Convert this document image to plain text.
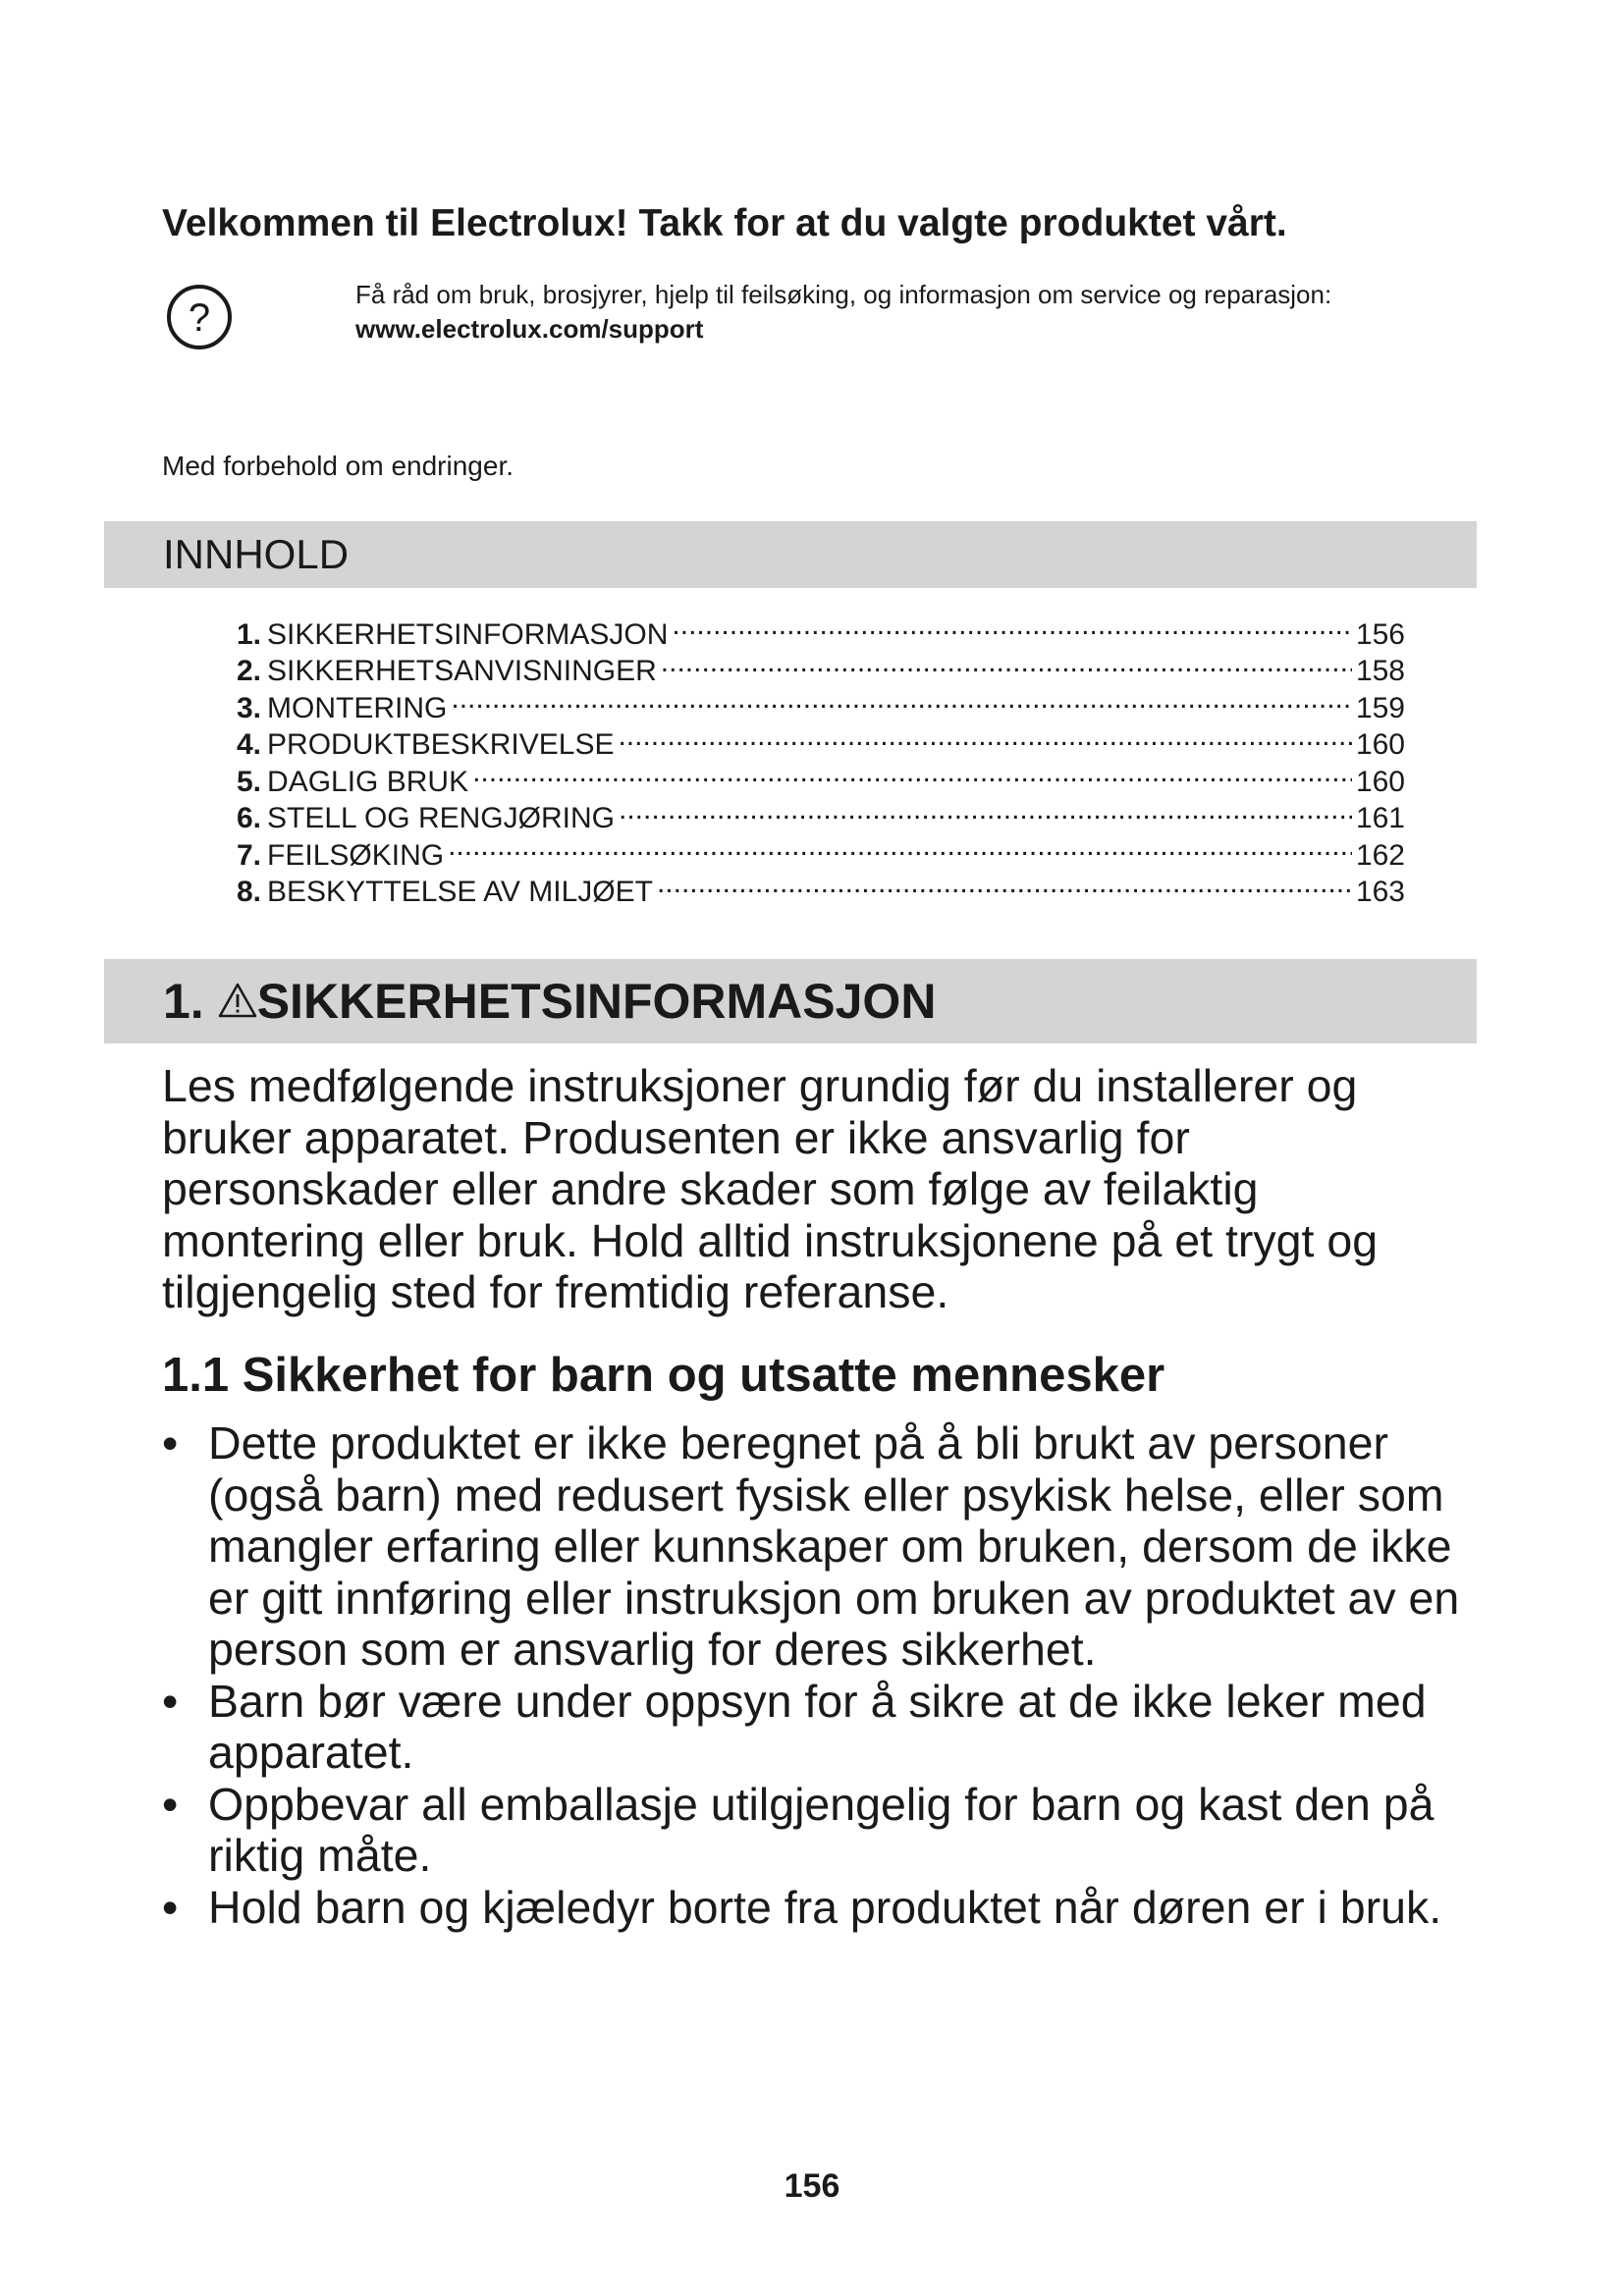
Velkommen til Electrolux! Takk for at du valgte produktet vårt.
?
Få råd om bruk, brosjyrer, hjelp til feilsøking, og informasjon om service og reparasjon:
www.electrolux.com/support

Med forbehold om endringer.

INNHOLD
1. SIKKERHETSINFORMASJON .....	156
2. SIKKERHETSANVISNINGER .....	158
3. MONTERING .....	159
4. PRODUKTBESKRIVELSE .....	160
5. DAGLIG BRUK .....	160
6. STELL OG RENGJØRING .....	161
7. FEILSØKING .....	162
8. BESKYTTELSE AV MILJØET .....	163
1. SIKKERHETSINFORMASJON

Les medfølgende instruksjoner grundig før du installerer og bruker apparatet. Produsenten er ikke ansvarlig for personskader eller andre skader som følge av feilaktig montering eller bruk. Hold alltid instruksjonene på et trygt og tilgjengelig sted for fremtidig referanse.

1.1 Sikkerhet for barn og utsatte mennesker
• Dette produktet er ikke beregnet på å bli brukt av personer (også barn) med redusert fysisk eller psykisk helse, eller som mangler erfaring eller kunnskaper om bruken, dersom de ikke er gitt innføring eller instruksjon om bruken av produktet av en person som er ansvarlig for deres sikkerhet.
• Barn bør være under oppsyn for å sikre at de ikke leker med apparatet.
• Oppbevar all emballasje utilgjengelig for barn og kast den på riktig måte.
• Hold barn og kjæledyr borte fra produktet når døren er i bruk.

156
